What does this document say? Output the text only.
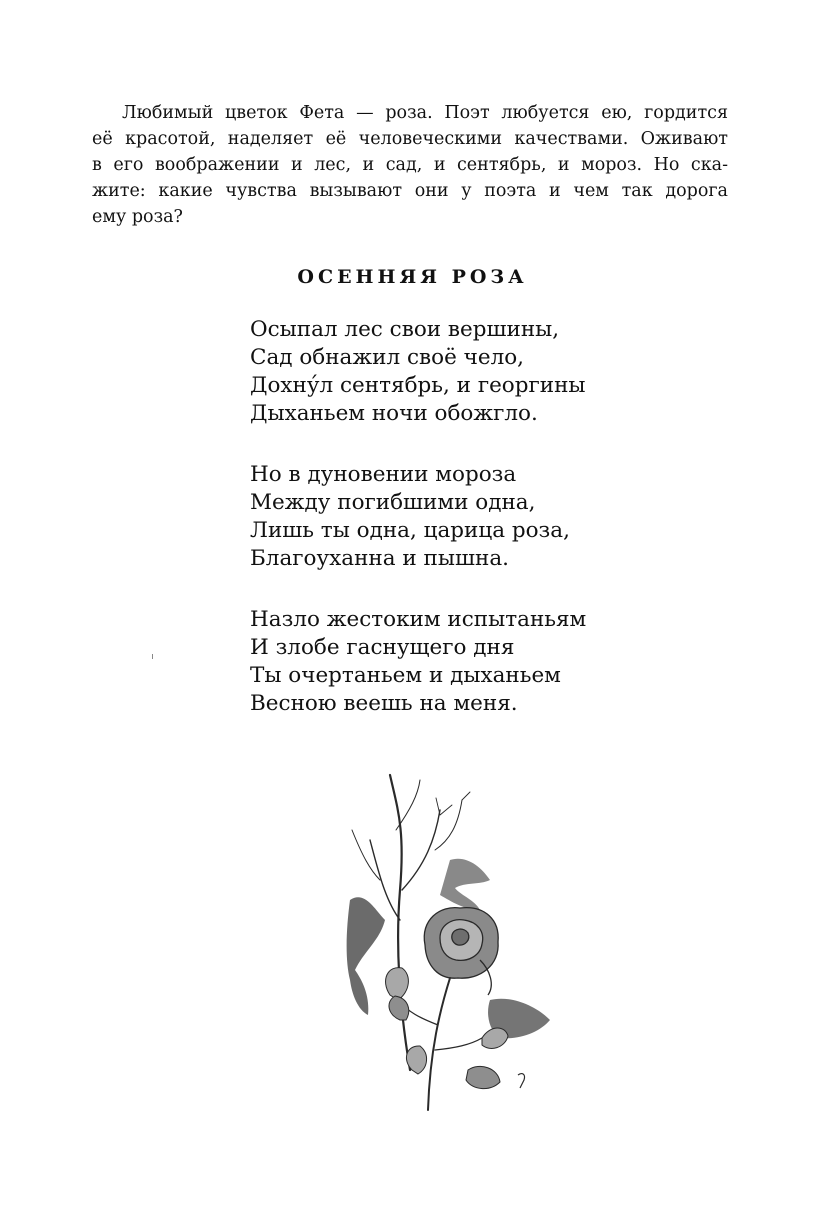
Любимый цветок Фета — роза. Поэт любуется ею, гордится
её красотой, наделяет её человеческими качествами. Оживают
в его воображении и лес, и сад, и сентябрь, и мороз. Но ска-
жите: какие чувства вызывают они у поэта и чем так дорога
ему роза?

ОСЕННЯЯ РОЗА
Осыпал лес свои вершины,
Сад обнажил своё чело,
Дохну́л сентябрь, и георгины
Дыханьем ночи обожгло.
Но в дуновении мороза
Между погибшими одна,
Лишь ты одна, царица роза,
Благоуханна и пышна.
Назло жестоким испытаньям
И злобе гаснущего дня
Ты очертаньем и дыханьем
Весною веешь на меня.
